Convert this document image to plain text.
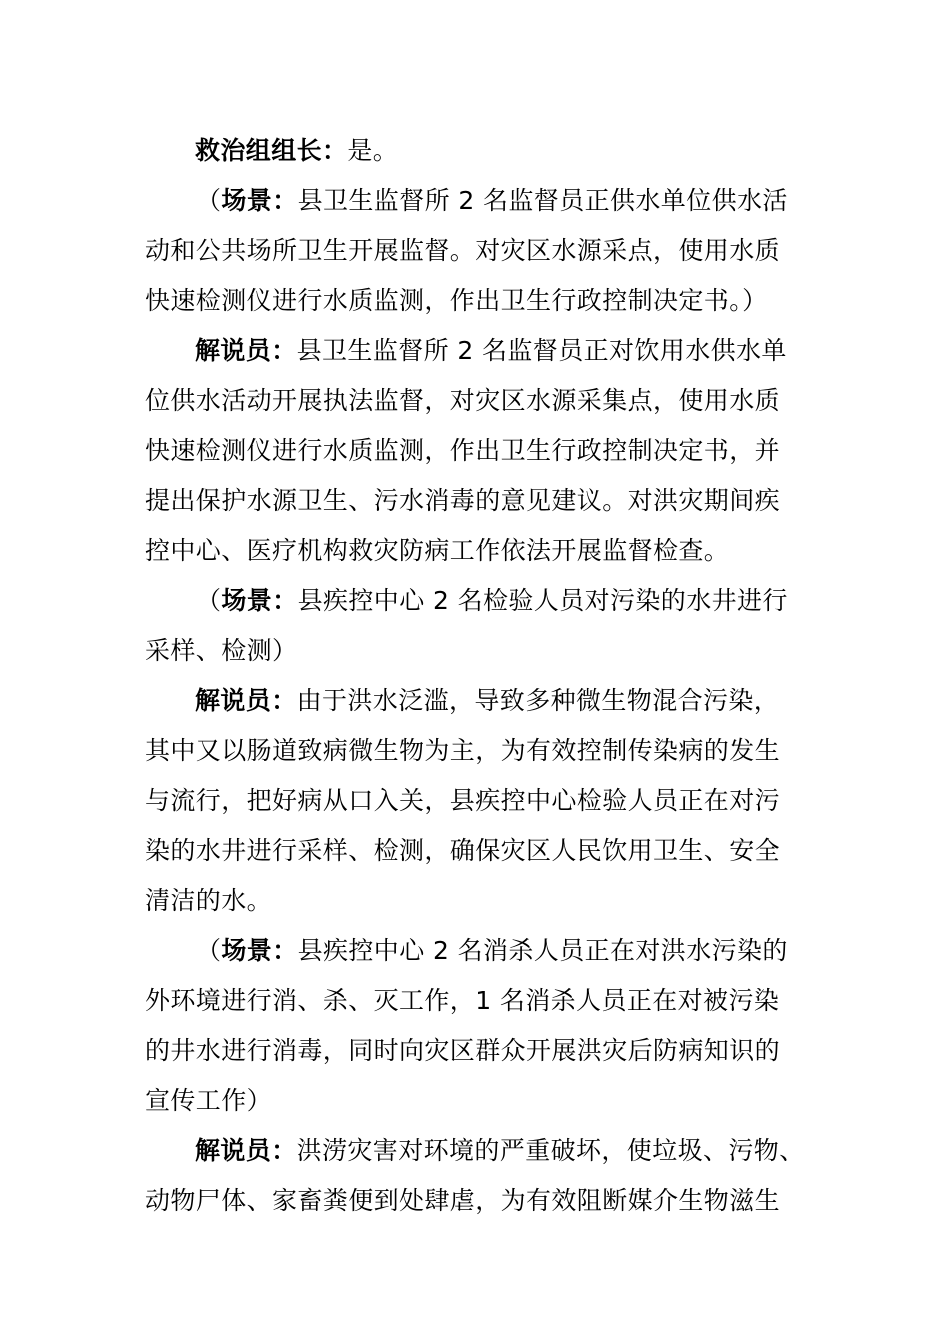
救治组组长：是。
（场景：县卫生监督所 2 名监督员正供水单位供水活
动和公共场所卫生开展监督。对灾区水源采点，使用水质
快速检测仪进行水质监测，作出卫生行政控制决定书。）
解说员：县卫生监督所 2 名监督员正对饮用水供水单
位供水活动开展执法监督，对灾区水源采集点，使用水质
快速检测仪进行水质监测，作出卫生行政控制决定书，并
提出保护水源卫生、污水消毒的意见建议。对洪灾期间疾
控中心、医疗机构救灾防病工作依法开展监督检查。
（场景：县疾控中心 2 名检验人员对污染的水井进行
采样、检测）
解说员：由于洪水泛滥，导致多种微生物混合污染，
其中又以肠道致病微生物为主，为有效控制传染病的发生
与流行，把好病从口入关，县疾控中心检验人员正在对污
染的水井进行采样、检测，确保灾区人民饮用卫生、安全
清洁的水。
（场景：县疾控中心 2 名消杀人员正在对洪水污染的
外环境进行消、杀、灭工作，1 名消杀人员正在对被污染
的井水进行消毒，同时向灾区群众开展洪灾后防病知识的
宣传工作）
解说员：洪涝灾害对环境的严重破坏，使垃圾、污物、
动物尸体、家畜粪便到处肆虐，为有效阻断媒介生物滋生
